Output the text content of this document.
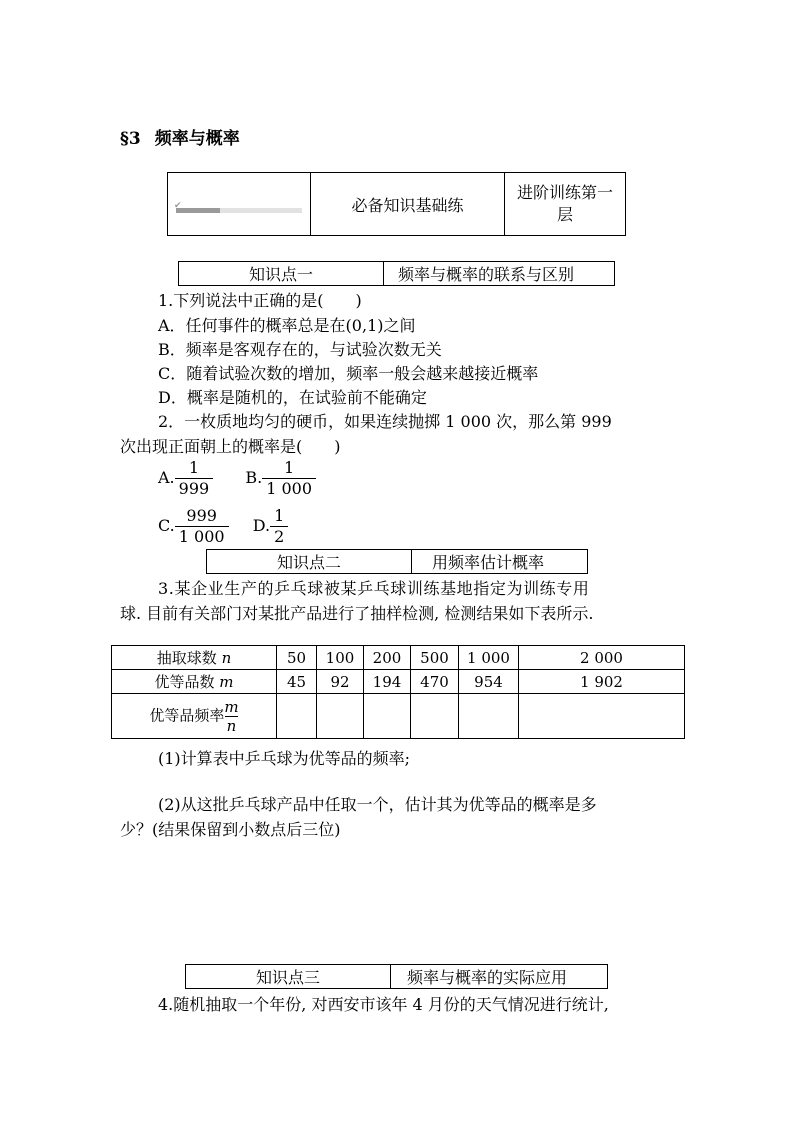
§3 频率与概率
✔	必备知识基础练
进阶训练第一层
知识点一	频率与概率的联系与区别
1.下列说法中正确的是(　　)
A．任何事件的概率总是在(0,1)之间
B．频率是客观存在的，与试验次数无关
C．随着试验次数的增加，频率一般会越来越接近概率
D．概率是随机的，在试验前不能确定
2．一枚质地均匀的硬币，如果连续抛掷 1 000 次，那么第 999
次出现正面朝上的概率是(　　)
A. $\frac{1}{999} B$. $\frac{1}{1 000}$
C. $\frac{999}{1 000} D$. $\frac{1}{2}$
知识点二	用频率估计概率
3.某企业生产的乒乓球被某乒乓球训练基地指定为训练专用
球. 目前有关部门对某批产品进行了抽样检测, 检测结果如下表所示.
抽取球数 n	50	100	200	500	1 000	2 000
优等品数 m	45	92	194	470	954	1 902
优等品频率 $\frac{m}{n}$

(1)计算表中乒乓球为优等品的频率;
(2)从这批乒乓球产品中任取一个，估计其为优等品的概率是多
少？(结果保留到小数点后三位)
知识点三	频率与概率的实际应用
4.随机抽取一个年份, 对西安市该年 4 月份的天气情况进行统计,
